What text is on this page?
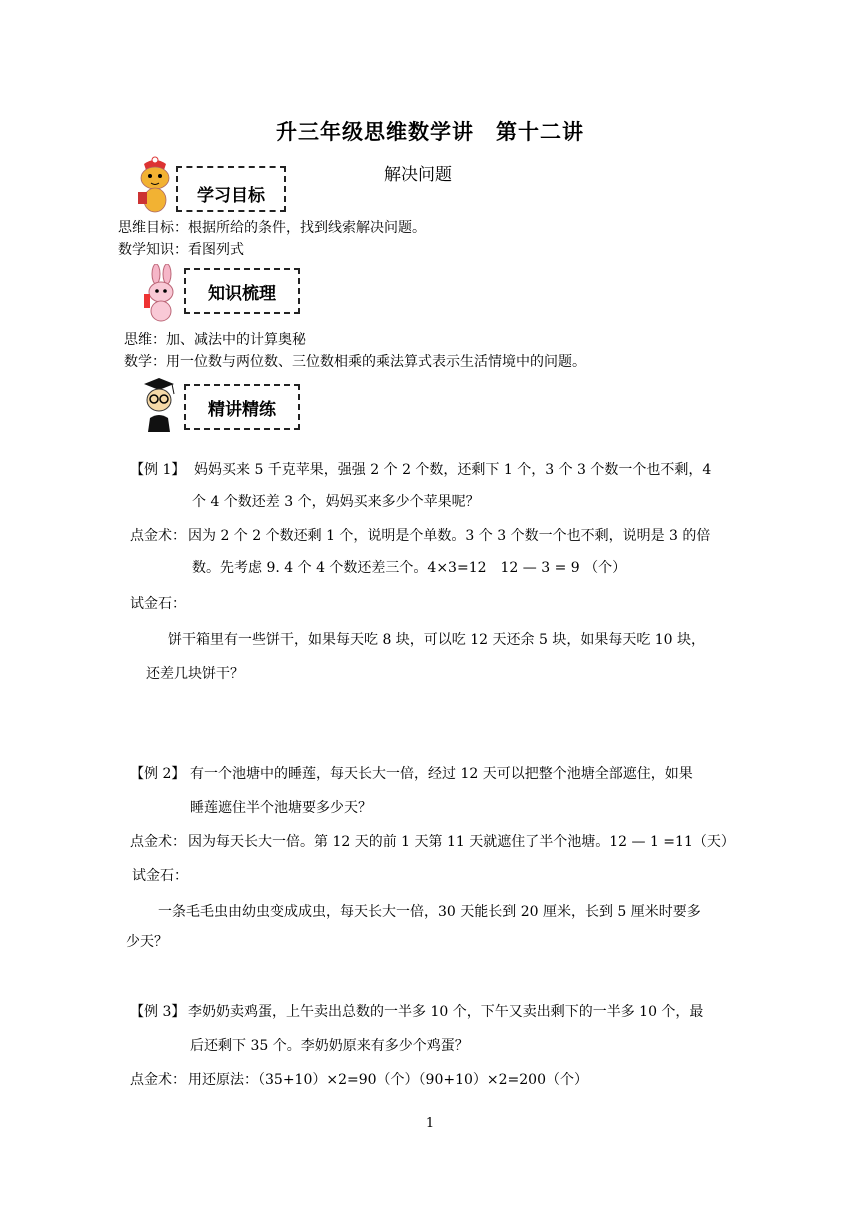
升三年级思维数学讲　第十二讲
学习目标
解决问题
思维目标：根据所给的条件，找到线索解决问题。
数学知识：看图列式
知识梳理
思维：加、减法中的计算奥秘
数学：用一位数与两位数、三位数相乘的乘法算式表示生活情境中的问题。
精讲精练
【例 1】 妈妈买来 5 千克苹果，强强 2 个 2 个数，还剩下 1 个，3 个 3 个数一个也不剩，4
个 4 个数还差 3 个，妈妈买来多少个苹果呢？
点金术： 因为 2 个 2 个数还剩 1 个，说明是个单数。3 个 3 个数一个也不剩，说明是 3 的倍
数。先考虑 9. 4 个 4 个数还差三个。4×3=12　12 — 3 = 9 （个）
试金石：
饼干箱里有一些饼干，如果每天吃 8 块，可以吃 12 天还余 5 块，如果每天吃 10 块，
还差几块饼干？
【例 2】 有一个池塘中的睡莲，每天长大一倍，经过 12 天可以把整个池塘全部遮住，如果
睡莲遮住半个池塘要多少天？
点金术： 因为每天长大一倍。第 12 天的前 1 天第 11 天就遮住了半个池塘。12 — 1 =11（天）
试金石：
一条毛毛虫由幼虫变成成虫，每天长大一倍，30 天能长到 20 厘米，长到 5 厘米时要多
少天？
【例 3】 李奶奶卖鸡蛋，上午卖出总数的一半多 10 个，下午又卖出剩下的一半多 10 个，最
后还剩下 35 个。李奶奶原来有多少个鸡蛋？
点金术： 用还原法：（35+10）×2=90（个）（90+10）×2=200（个）
1
